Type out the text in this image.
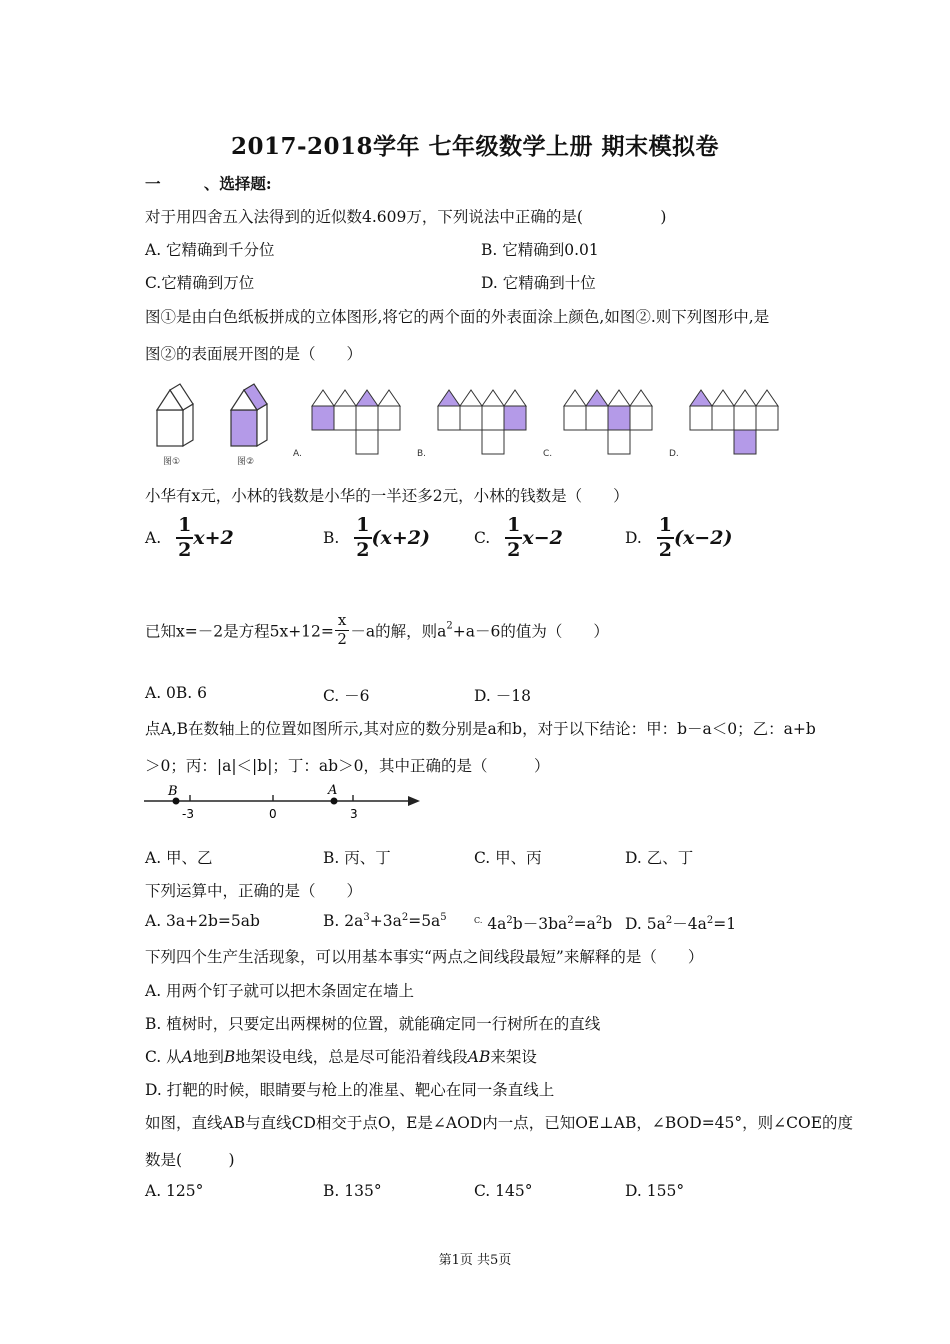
2017-2018学年 七年级数学上册 期末模拟卷
一	、选择题:
对于用四舍五入法得到的近似数4.609万，下列说法中正确的是(　　　　　)
A. 它精确到千分位	B. 它精确到0.01
C.它精确到万位	D. 它精确到十位
图①是由白色纸板拼成的立体图形,将它的两个面的外表面涂上颜色,如图②.则下列图形中,是
图②的表面展开图的是（　　）
图①	图②
A.	B.	C.	D.
小华有x元，小林的钱数是小华的一半还多2元，小林的钱数是（　　）
A. $\frac{1}{2} x+2$	B. $\frac{1}{2} (x+2)$	C. $\frac{1}{2} x-2$	D. $\frac{1}{2} (x-2)$
已知x=－2是方程$5x+12= \frac{x}{2} -a$的解，则$a^2+a-6$的值为（　　）
A. 0B. 6	C. －6	D. －18
点A,B在数轴上的位置如图所示,其对应的数分别是a和b，对于以下结论：甲：b－a＜0；乙：a+b
＞0；丙：|a|＜|b|；丁：ab＞0，其中正确的是（　　　）
B	A
-3	0	3
A. 甲、乙	B. 丙、丁	C. 甲、丙	D. 乙、丁
下列运算中，正确的是（　　）
A. 3a+2b=5ab	B. $2a^3+3a^2=5a^5$	$^{C.}$ $4a^2b-3ba^2=a^2b$ D. $5a^2-4a^2=1$
下列四个生产生活现象，可以用基本事实“两点之间线段最短”来解释的是（　　）
A. 用两个钉子就可以把木条固定在墙上
B. 植树时，只要定出两棵树的位置，就能确定同一行树所在的直线
C. 从A地到B地架设电线，总是尽可能沿着线段AB来架设
D. 打靶的时候，眼睛要与枪上的准星、靶心在同一条直线上
如图，直线AB与直线CD相交于点O，E是∠AOD内一点，已知OE⊥AB，∠BOD=45°，则∠COE的度
数是(　　　)
A. 125°	B. 135°	C. 145°	D. 155°
第1页 共5页
